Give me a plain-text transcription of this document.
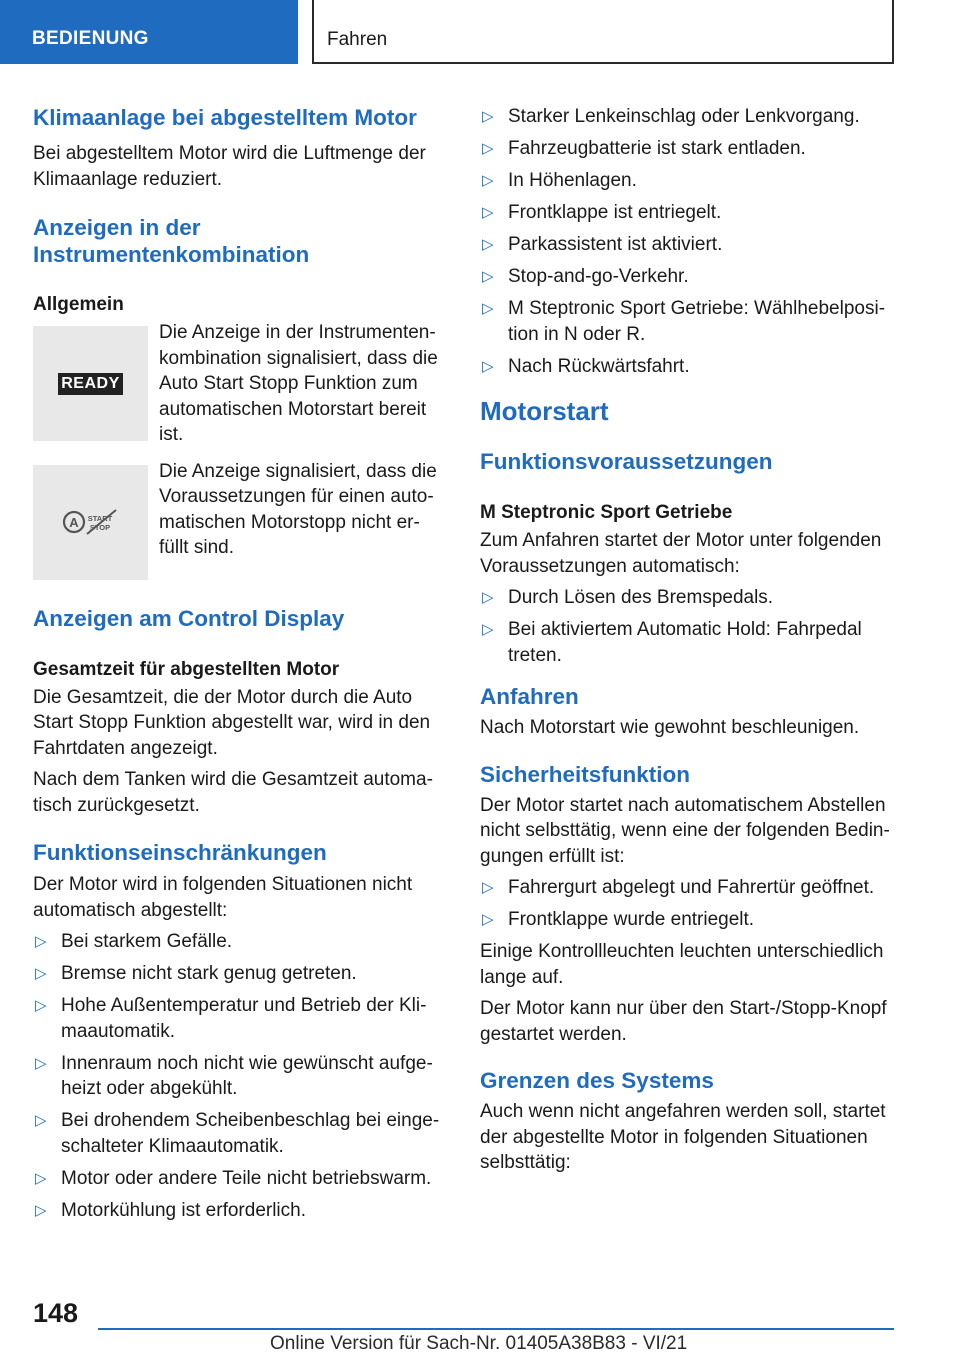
BEDIENUNG	Fahren
Klimaanlage bei abgestelltem Motor

Bei abgestelltem Motor wird die Luftmenge der Klimaanlage reduziert.

Anzeigen in der Instrumentenkombination
Allgemein
READY

Die Anzeige in der Instrumentenkombination signalisiert, dass die Auto Start Stopp Funktion zum automatischen Motorstart bereit ist.

A START
STOP

Die Anzeige signalisiert, dass die Voraussetzungen für einen automatischen Motorstopp nicht erfüllt sind.

Anzeigen am Control Display
Gesamtzeit für abgestellten Motor

Die Gesamtzeit, die der Motor durch die Auto Start Stopp Funktion abgestellt war, wird in den Fahrtdaten angezeigt.

Nach dem Tanken wird die Gesamtzeit automatisch zurückgesetzt.

Funktionseinschränkungen

Der Motor wird in folgenden Situationen nicht automatisch abgestellt:

▷ Bei starkem Gefälle.
▷ Bremse nicht stark genug getreten.
▷ Hohe Außentemperatur und Betrieb der Klimaautomatik.
▷ Innenraum noch nicht wie gewünscht aufgeheizt oder abgekühlt.
▷ Bei drohendem Scheibenbeschlag bei eingeschalteter Klimaautomatik.
▷ Motor oder andere Teile nicht betriebswarm.
▷ Motorkühlung ist erforderlich.
▷ Starker Lenkeinschlag oder Lenkvorgang.
▷ Fahrzeugbatterie ist stark entladen.
▷ In Höhenlagen.
▷ Frontklappe ist entriegelt.
▷ Parkassistent ist aktiviert.
▷ Stop-and-go-Verkehr.
▷ M Steptronic Sport Getriebe: Wählhebelposition in N oder R.
▷ Nach Rückwärtsfahrt.
Motorstart
Funktionsvoraussetzungen
M Steptronic Sport Getriebe

Zum Anfahren startet der Motor unter folgenden Voraussetzungen automatisch:

▷ Durch Lösen des Bremspedals.
▷ Bei aktiviertem Automatic Hold: Fahrpedal treten.
Anfahren

Nach Motorstart wie gewohnt beschleunigen.

Sicherheitsfunktion

Der Motor startet nach automatischem Abstellen nicht selbsttätig, wenn eine der folgenden Bedingungen erfüllt ist:

▷ Fahrergurt abgelegt und Fahrertür geöffnet.
▷ Frontklappe wurde entriegelt.

Einige Kontrollleuchten leuchten unterschiedlich lange auf.

Der Motor kann nur über den Start-/Stopp-Knopf gestartet werden.

Grenzen des Systems

Auch wenn nicht angefahren werden soll, startet der abgestellte Motor in folgenden Situationen selbsttätig:

148
Online Version für Sach-Nr. 01405A38B83 - VI/21
